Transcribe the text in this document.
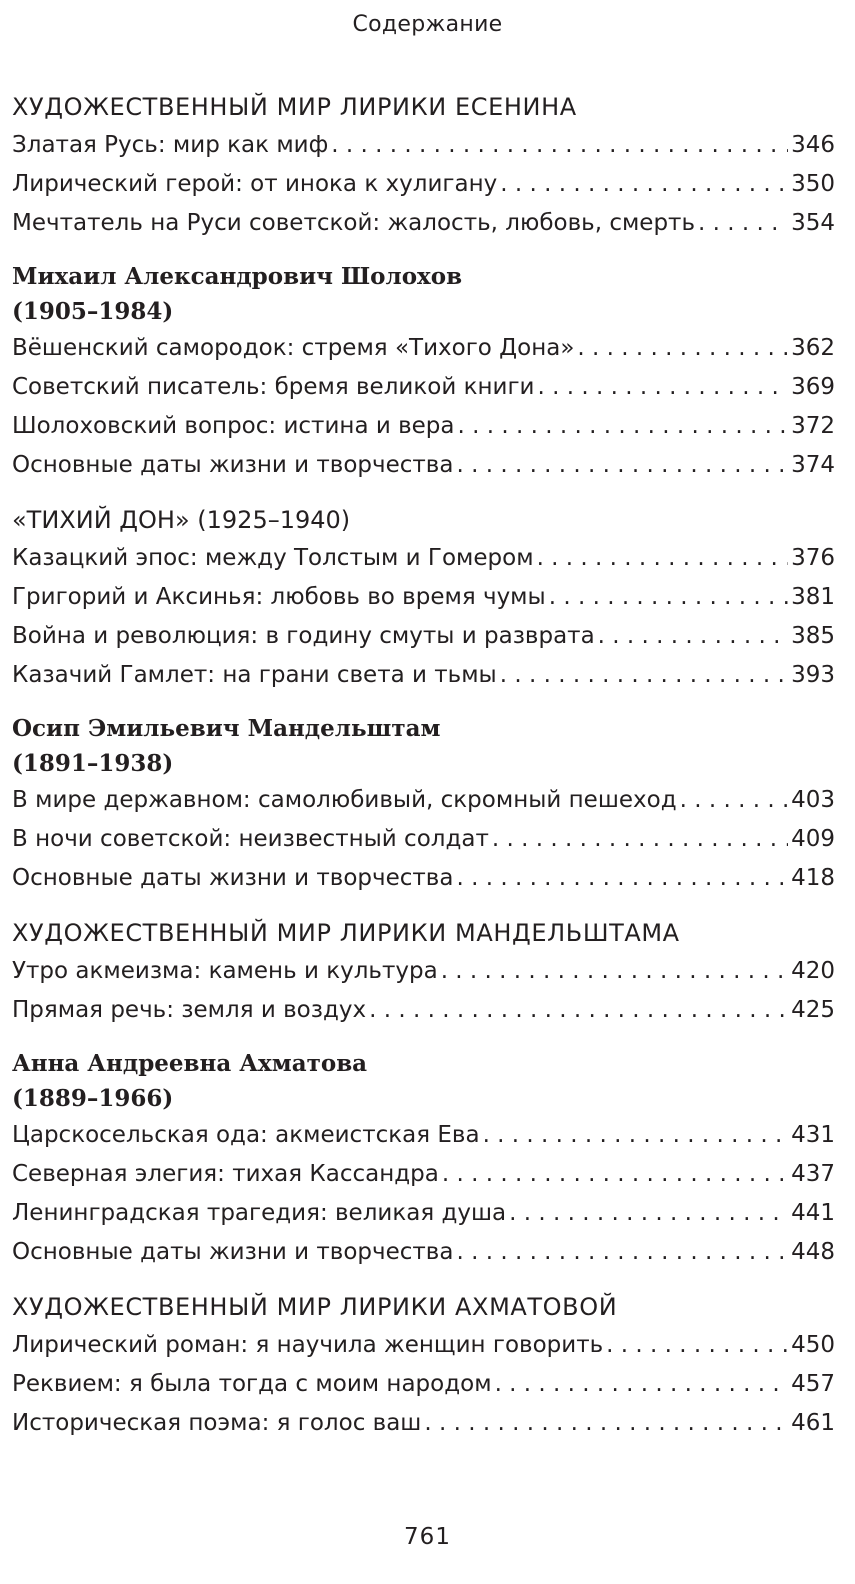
Содержание
ХУДОЖЕСТВЕННЫЙ МИР ЛИРИКИ ЕСЕНИНА
Златая Русь: мир как миф . . .	346
Лирический герой: от инока к хулигану . . .	350
Мечтатель на Руси советской: жалость, любовь, смерть . . .	354
Михаил Александрович Шолохов
(1905–1984)
Вёшенский самородок: стремя «Тихого Дона» . . .	362
Советский писатель: бремя великой книги . . .	369
Шолоховский вопрос: истина и вера . . .	372
Основные даты жизни и творчества . . .	374
«ТИХИЙ ДОН» (1925–1940)
Казацкий эпос: между Толстым и Гомером . . .	376
Григорий и Аксинья: любовь во время чумы . . .	381
Война и революция: в годину смуты и разврата . . .	385
Казачий Гамлет: на грани света и тьмы . . .	393
Осип Эмильевич Мандельштам
(1891–1938)
В мире державном: самолюбивый, скромный пешеход . . .	403
В ночи советской: неизвестный солдат . . .	409
Основные даты жизни и творчества . . .	418
ХУДОЖЕСТВЕННЫЙ МИР ЛИРИКИ МАНДЕЛЬШТАМА
Утро акмеизма: камень и культура . . .	420
Прямая речь: земля и воздух . . .	425
Анна Андреевна Ахматова
(1889–1966)
Царскосельская ода: акмеистская Ева . . .	431
Северная элегия: тихая Кассандра . . .	437
Ленинградская трагедия: великая душа . . .	441
Основные даты жизни и творчества . . .	448
ХУДОЖЕСТВЕННЫЙ МИР ЛИРИКИ АХМАТОВОЙ
Лирический роман: я научила женщин говорить . . .	450
Реквием: я была тогда с моим народом . . .	457
Историческая поэма: я голос ваш . . .	461
761
